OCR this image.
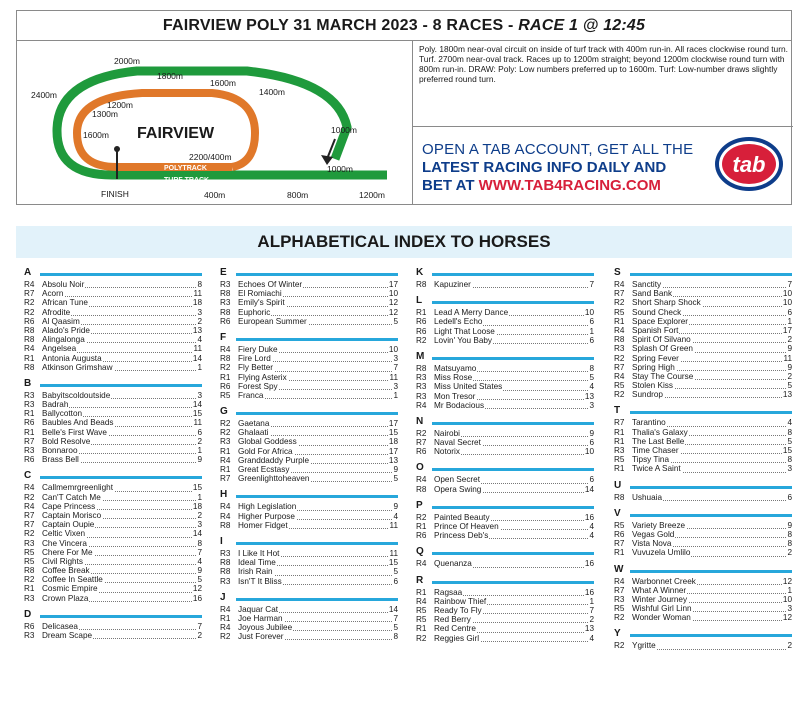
FAIRVIEW POLY 31 MARCH 2023 - 8 RACES - RACE 1 @ 12:45
FAIRVIEW
2400m
2000m
1800m
1600m
1400m
1200m
1300m
1600m	1000m
1000m
2200/400m
POLYTRACK
TURF TRACK
400m	800m	1200m
FINISH
Poly. 1800m near-oval circuit on inside of turf track with 400m run-in. All races clockwise round turn. Turf. 2700m near-oval track. Races up to 1200m straight; beyond 1200m clockwise round turn with 800m run-in. DRAW: Poly: Low numbers preferred up to 1600m. Turf: Low-number draws slightly preferred round turn.
OPEN A TAB ACCOUNT, GET ALL THE
LATEST RACING INFO DAILY AND
BET AT WWW.TAB4RACING.COM
tab
ALPHABETICAL INDEX TO HORSES
A
R4 Absolu Noir	8
R7 Acorn	11
R2 African Tune	18
R2 Afrodite	3
R6 Al Qaasim	2
R8 Alado's Pride	13
R8 Alingalonga	4
R4 Angelsea	11
R1 Antonia Augusta	14
R8 Atkinson Grimshaw	1
B
R3 Babyitscoldoutside	3
R3 Badrah	14
R1 Ballycotton	15
R6 Baubles And Beads	11
R1 Belle's First Wave	6
R7 Bold Resolve	2
R3 Bonnaroo	1
R6 Brass Bell	9
C
R4 Callmemrgreenlight	15
R2 Can'T Catch Me	1
R4 Cape Princess	18
R7 Captain Morisco	2
R7 Captain Oupie	3
R2 Celtic Vixen	14
R3 Che Vincera	8
R5 Chere For Me	7
R5 Civil Rights	4
R8 Coffee Break	9
R2 Coffee In Seattle	5
R1 Cosmic Empire	12
R3 Crown Plaza	16
D
R6 Delicasea	7
R3 Dream Scape	2
E
R3 Echoes Of Winter	17
R8 El Romiachi	10
R3 Emily's Spirit	12
R8 Euphoric	12
R6 European Summer	5
F
R4 Fiery Duke	10
R8 Fire Lord	3
R2 Fly Better	7
R1 Flying Asterix	11
R6 Forest Spy	3
R5 Franca	1
G
R2 Gaetana	17
R2 Ghalaati	15
R3 Global Goddess	18
R1 Gold For Africa	17
R4 Granddaddy Purple	13
R1 Great Ecstasy	9
R7 Greenlighttoheaven	5
H
R4 High Legislation	9
R4 Higher Purpose	4
R8 Homer Fidget	11
I
R3 I Like It Hot	11
R8 Ideal Time	15
R8 Irish Rain	5
R3 Isn'T It Bliss	6
J
R4 Jaquar Cat	14
R1 Joe Harman	7
R4 Joyous Jubilee	5
R2 Just Forever	8
K
R8 Kapuziner	7
L
R1 Lead A Merry Dance	10
R6 Ledell's Echo	6
R6 Light That Loose	1
R2 Lovin' You Baby	6
M
R8 Matsuyamo	8
R3 Miss Rose	5
R3 Miss United States	4
R3 Mon Tresor	13
R4 Mr Bodacious	3
N
R2 Nairobi	9
R7 Naval Secret	6
R6 Notorix	10
O
R4 Open Secret	6
R8 Opera Swing	14
P
R2 Painted Beauty	16
R1 Prince Of Heaven	4
R6 Princess Deb's	4
Q
R4 Quenanza	16
R
R1 Ragsaa	16
R4 Rainbow Thief	1
R5 Ready To Fly	7
R5 Red Berry	2
R1 Red Centre	13
R2 Reggies Girl	4
S
R4 Sanctity	7
R7 Sand Bank	10
R2 Short Sharp Shock	10
R5 Sound Check	6
R1 Space Explorer	1
R4 Spanish Fort	17
R8 Spirit Of Silvano	2
R3 Splash Of Green	9
R2 Spring Fever	11
R7 Spring High	9
R4 Stay The Course	2
R5 Stolen Kiss	5
R2 Sundrop	13
T
R7 Tarantino	4
R1 Thalia's Galaxy	8
R1 The Last Belle	5
R3 Time Chaser	15
R5 Tipsy Tina	8
R1 Twice A Saint	3
U
R8 Ushuaia	6
V
R5 Variety Breeze	9
R6 Vegas Gold	8
R7 Vista Nova	8
R1 Vuvuzela Umlilo	2
W
R4 Warbonnet Creek	12
R7 What A Winner	1
R3 Winter Journey	10
R5 Wishful Girl Linn	3
R2 Wonder Woman	12
Y
R2 Ygritte	2
